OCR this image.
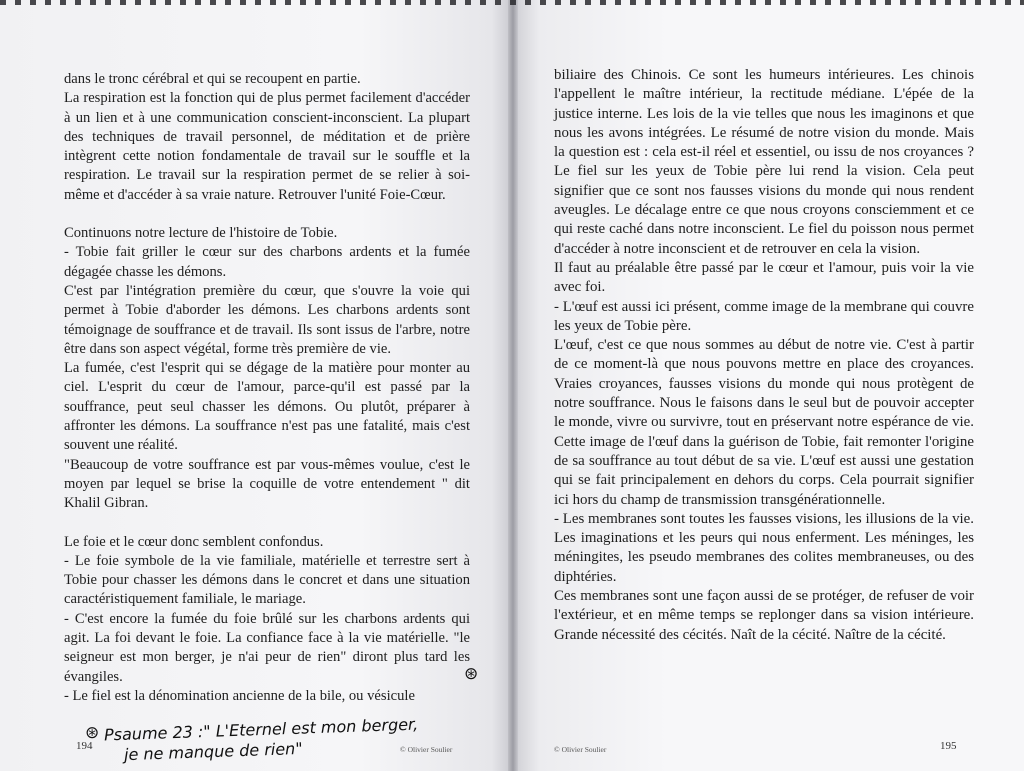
dans le tronc cérébral et qui se recoupent en partie.

La respiration est la fonction qui de plus permet facilement d'accéder à un lien et à une communication conscient-inconscient. La plupart des techniques de travail personnel, de méditation et de prière intègrent cette notion fondamentale de travail sur le souffle et la respiration. Le travail sur la respiration permet de se relier à soi-même et d'accéder à sa vraie nature. Retrouver l'unité Foie-Cœur.

Continuons notre lecture de l'histoire de Tobie.

- Tobie fait griller le cœur sur des charbons ardents et la fumée dégagée chasse les démons.

C'est par l'intégration première du cœur, que s'ouvre la voie qui permet à Tobie d'aborder les démons. Les charbons ardents sont témoignage de souffrance et de travail. Ils sont issus de l'arbre, notre être dans son aspect végétal, forme très première de vie.

La fumée, c'est l'esprit qui se dégage de la matière pour monter au ciel. L'esprit du cœur de l'amour, parce-qu'il est passé par la souffrance, peut seul chasser les démons. Ou plutôt, préparer à affronter les démons. La souffrance n'est pas une fatalité, mais c'est souvent une réalité.

"Beaucoup de votre souffrance est par vous-mêmes voulue, c'est le moyen par lequel se brise la coquille de votre entendement " dit Khalil Gibran.

Le foie et le cœur donc semblent confondus.

- Le foie symbole de la vie familiale, matérielle et terrestre sert à Tobie pour chasser les démons dans le concret et dans une situation caractéristiquement familiale, le mariage.

- C'est encore la fumée du foie brûlé sur les charbons ardents qui agit. La foi devant le foie. La confiance face à la vie matérielle. "le seigneur est mon berger, je n'ai peur de rien" diront plus tard les évangiles.

- Le fiel est la dénomination ancienne de la bile, ou vésicule

⊛
⊛ Psaume 23 :" L'Eternel est mon berger,
je ne manque de rien"
194	© Olivier Soulier

biliaire des Chinois. Ce sont les humeurs intérieures. Les chinois l'appellent le maître intérieur, la rectitude médiane. L'épée de la justice interne. Les lois de la vie telles que nous les imaginons et que nous les avons intégrées. Le résumé de notre vision du monde. Mais la question est : cela est-il réel et essentiel, ou issu de nos croyances ? Le fiel sur les yeux de Tobie père lui rend la vision. Cela peut signifier que ce sont nos fausses visions du monde qui nous rendent aveugles. Le décalage entre ce que nous croyons consciemment et ce qui reste caché dans notre inconscient. Le fiel du poisson nous permet d'accéder à notre inconscient et de retrouver en cela la vision.

Il faut au préalable être passé par le cœur et l'amour, puis voir la vie avec foi.

- L'œuf est aussi ici présent, comme image de la membrane qui couvre les yeux de Tobie père.

L'œuf, c'est ce que nous sommes au début de notre vie. C'est à partir de ce moment-là que nous pouvons mettre en place des croyances. Vraies croyances, fausses visions du monde qui nous protègent de notre souffrance. Nous le faisons dans le seul but de pouvoir accepter le monde, vivre ou survivre, tout en préservant notre espérance de vie. Cette image de l'œuf dans la guérison de Tobie, fait remonter l'origine de sa souffrance au tout début de sa vie. L'œuf est aussi une gestation qui se fait principalement en dehors du corps. Cela pourrait signifier ici hors du champ de transmission transgénérationnelle.

- Les membranes sont toutes les fausses visions, les illusions de la vie. Les imaginations et les peurs qui nous enferment. Les méninges, les méningites, les pseudo membranes des colites membraneuses, ou des diphtéries.

Ces membranes sont une façon aussi de se protéger, de refuser de voir l'extérieur, et en même temps se replonger dans sa vision intérieure. Grande nécessité des cécités. Naît de la cécité. Naître de la cécité.

© Olivier Soulier	195
